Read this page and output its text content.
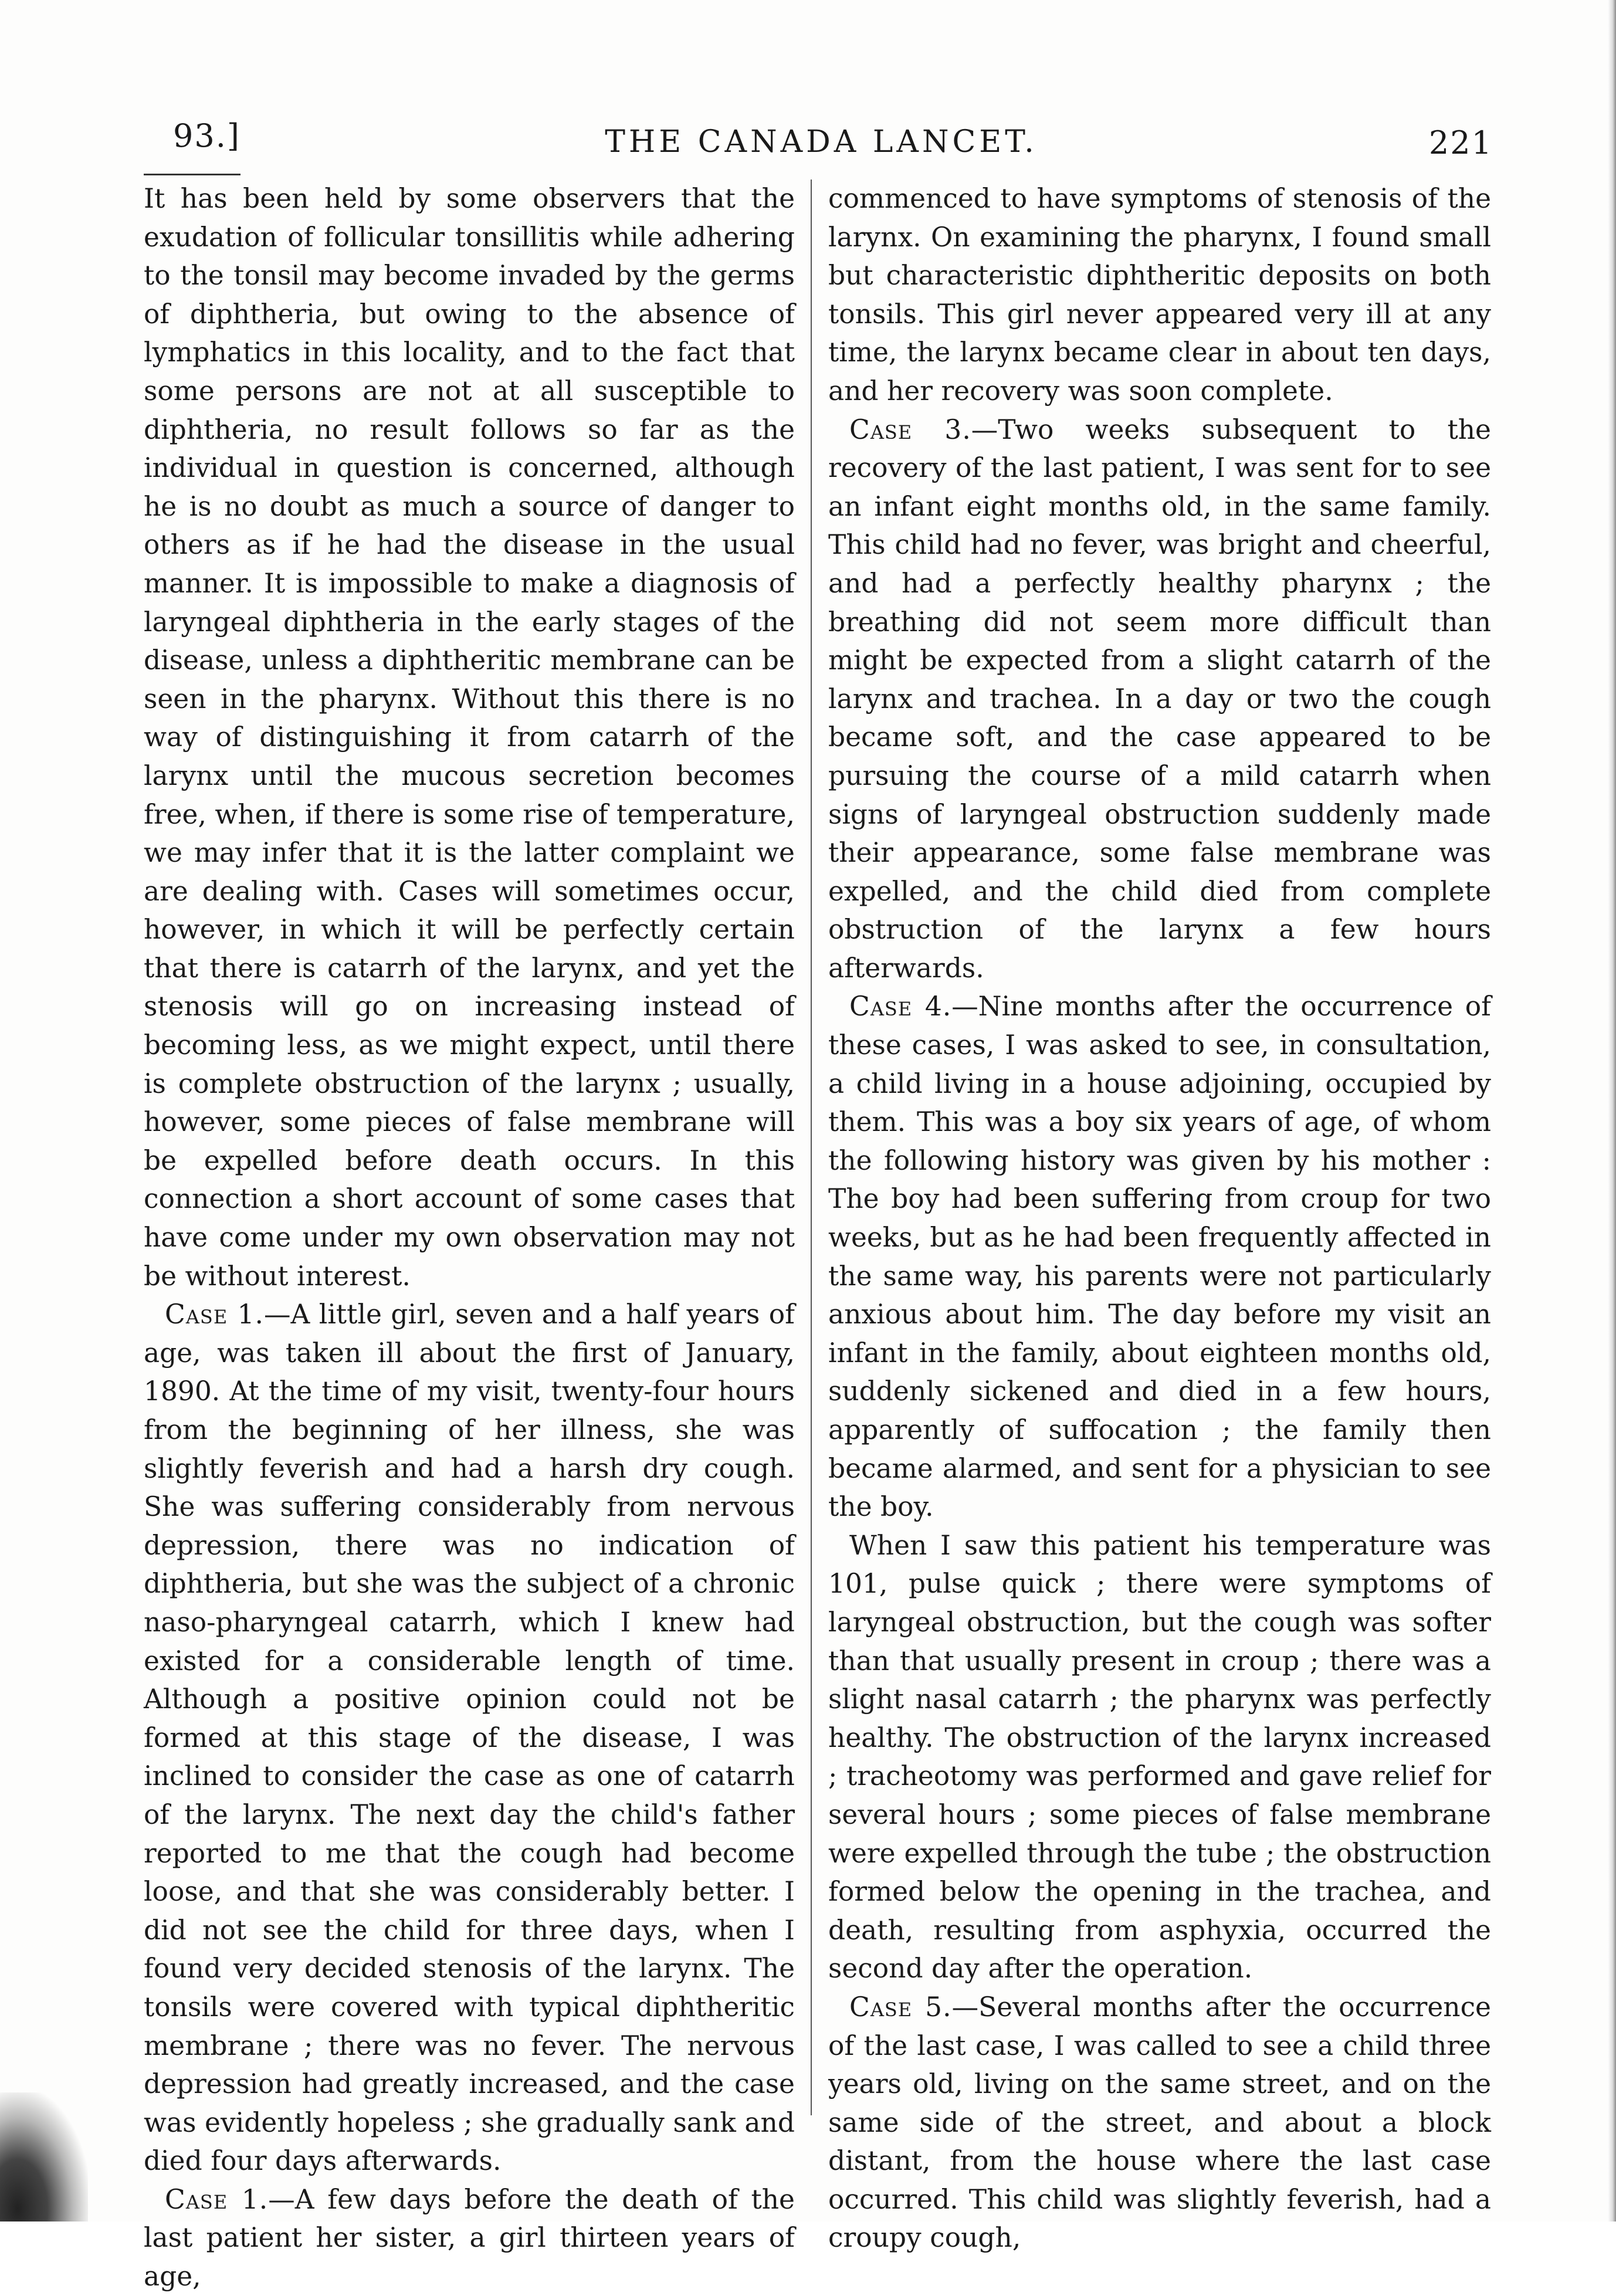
93.]	THE CANADA LANCET.	221

It has been held by some observers that the exudation of follicular tonsillitis while adhering to the tonsil may become invaded by the germs of diphtheria, but owing to the absence of lymphatics in this locality, and to the fact that some persons are not at all susceptible to diphtheria, no result follows so far as the individual in question is concerned, although he is no doubt as much a source of danger to others as if he had the disease in the usual manner. It is impossible to make a diagnosis of laryngeal diphtheria in the early stages of the disease, unless a diphtheritic membrane can be seen in the pharynx. Without this there is no way of distinguishing it from catarrh of the larynx until the mucous secretion becomes free, when, if there is some rise of temperature, we may infer that it is the latter complaint we are dealing with. Cases will sometimes occur, however, in which it will be perfectly certain that there is catarrh of the larynx, and yet the stenosis will go on increasing instead of becoming less, as we might expect, until there is complete obstruction of the larynx ; usually, however, some pieces of false membrane will be expelled before death occurs. In this connection a short account of some cases that have come under my own observation may not be without interest.

Case 1.—A little girl, seven and a half years of age, was taken ill about the first of January, 1890. At the time of my visit, twenty-four hours from the beginning of her illness, she was slightly feverish and had a harsh dry cough. She was suffering considerably from nervous depression, there was no indication of diphtheria, but she was the subject of a chronic naso-pharyngeal catarrh, which I knew had existed for a considerable length of time. Although a positive opinion could not be formed at this stage of the disease, I was inclined to consider the case as one of catarrh of the larynx. The next day the child's father reported to me that the cough had become loose, and that she was considerably better. I did not see the child for three days, when I found very decided stenosis of the larynx. The tonsils were covered with typical diphtheritic membrane ; there was no fever. The nervous depression had greatly increased, and the case was evidently hopeless ; she gradually sank and died four days afterwards.

Case 1.—A few days before the death of the last patient her sister, a girl thirteen years of age,

commenced to have symptoms of stenosis of the larynx. On examining the pharynx, I found small but characteristic diphtheritic deposits on both tonsils. This girl never appeared very ill at any time, the larynx became clear in about ten days, and her recovery was soon complete.

Case 3.—Two weeks subsequent to the recovery of the last patient, I was sent for to see an infant eight months old, in the same family. This child had no fever, was bright and cheerful, and had a perfectly healthy pharynx ; the breathing did not seem more difficult than might be expected from a slight catarrh of the larynx and trachea. In a day or two the cough became soft, and the case appeared to be pursuing the course of a mild catarrh when signs of laryngeal obstruction suddenly made their appearance, some false membrane was expelled, and the child died from complete obstruction of the larynx a few hours afterwards.

Case 4.—Nine months after the occurrence of these cases, I was asked to see, in consultation, a child living in a house adjoining, occupied by them. This was a boy six years of age, of whom the following history was given by his mother : The boy had been suffering from croup for two weeks, but as he had been frequently affected in the same way, his parents were not particularly anxious about him. The day before my visit an infant in the family, about eighteen months old, suddenly sickened and died in a few hours, apparently of suffocation ; the family then became alarmed, and sent for a physician to see the boy.

When I saw this patient his temperature was 101, pulse quick ; there were symptoms of laryngeal obstruction, but the cough was softer than that usually present in croup ; there was a slight nasal catarrh ; the pharynx was perfectly healthy. The obstruction of the larynx increased ; tracheotomy was performed and gave relief for several hours ; some pieces of false membrane were expelled through the tube ; the obstruction formed below the opening in the trachea, and death, resulting from asphyxia, occurred the second day after the operation.

Case 5.—Several months after the occurrence of the last case, I was called to see a child three years old, living on the same street, and on the same side of the street, and about a block distant, from the house where the last case occurred. This child was slightly feverish, had a croupy cough,
